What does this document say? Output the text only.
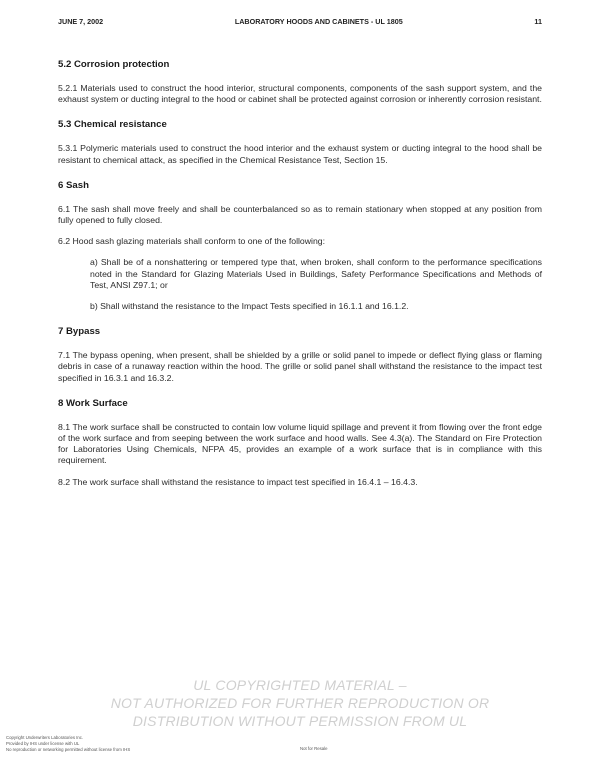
JUNE 7, 2002	LABORATORY HOODS AND CABINETS - UL 1805	11
5.2 Corrosion protection

5.2.1 Materials used to construct the hood interior, structural components, components of the sash support system, and the exhaust system or ducting integral to the hood or cabinet shall be protected against corrosion or inherently corrosion resistant.

5.3 Chemical resistance

5.3.1 Polymeric materials used to construct the hood interior and the exhaust system or ducting integral to the hood shall be resistant to chemical attack, as specified in the Chemical Resistance Test, Section 15.

6 Sash

6.1 The sash shall move freely and shall be counterbalanced so as to remain stationary when stopped at any position from fully opened to fully closed.

6.2 Hood sash glazing materials shall conform to one of the following:

a) Shall be of a nonshattering or tempered type that, when broken, shall conform to the performance specifications noted in the Standard for Glazing Materials Used in Buildings, Safety Performance Specifications and Methods of Test, ANSI Z97.1; or

b) Shall withstand the resistance to the Impact Tests specified in 16.1.1 and 16.1.2.

7 Bypass

7.1 The bypass opening, when present, shall be shielded by a grille or solid panel to impede or deflect flying glass or flaming debris in case of a runaway reaction within the hood. The grille or solid panel shall withstand the resistance to the impact test specified in 16.3.1 and 16.3.2.

8 Work Surface

8.1 The work surface shall be constructed to contain low volume liquid spillage and prevent it from flowing over the front edge of the work surface and from seeping between the work surface and hood walls. See 4.3(a). The Standard on Fire Protection for Laboratories Using Chemicals, NFPA 45, provides an example of a work surface that is in compliance with this requirement.

8.2 The work surface shall withstand the resistance to impact test specified in 16.4.1 – 16.4.3.

UL COPYRIGHTED MATERIAL –
NOT AUTHORIZED FOR FURTHER REPRODUCTION OR
DISTRIBUTION WITHOUT PERMISSION FROM UL
Copyright Underwriters Laboratories Inc.
Provided by IHS under license with UL
No reproduction or networking permitted without license from IHS	Not for Resale
